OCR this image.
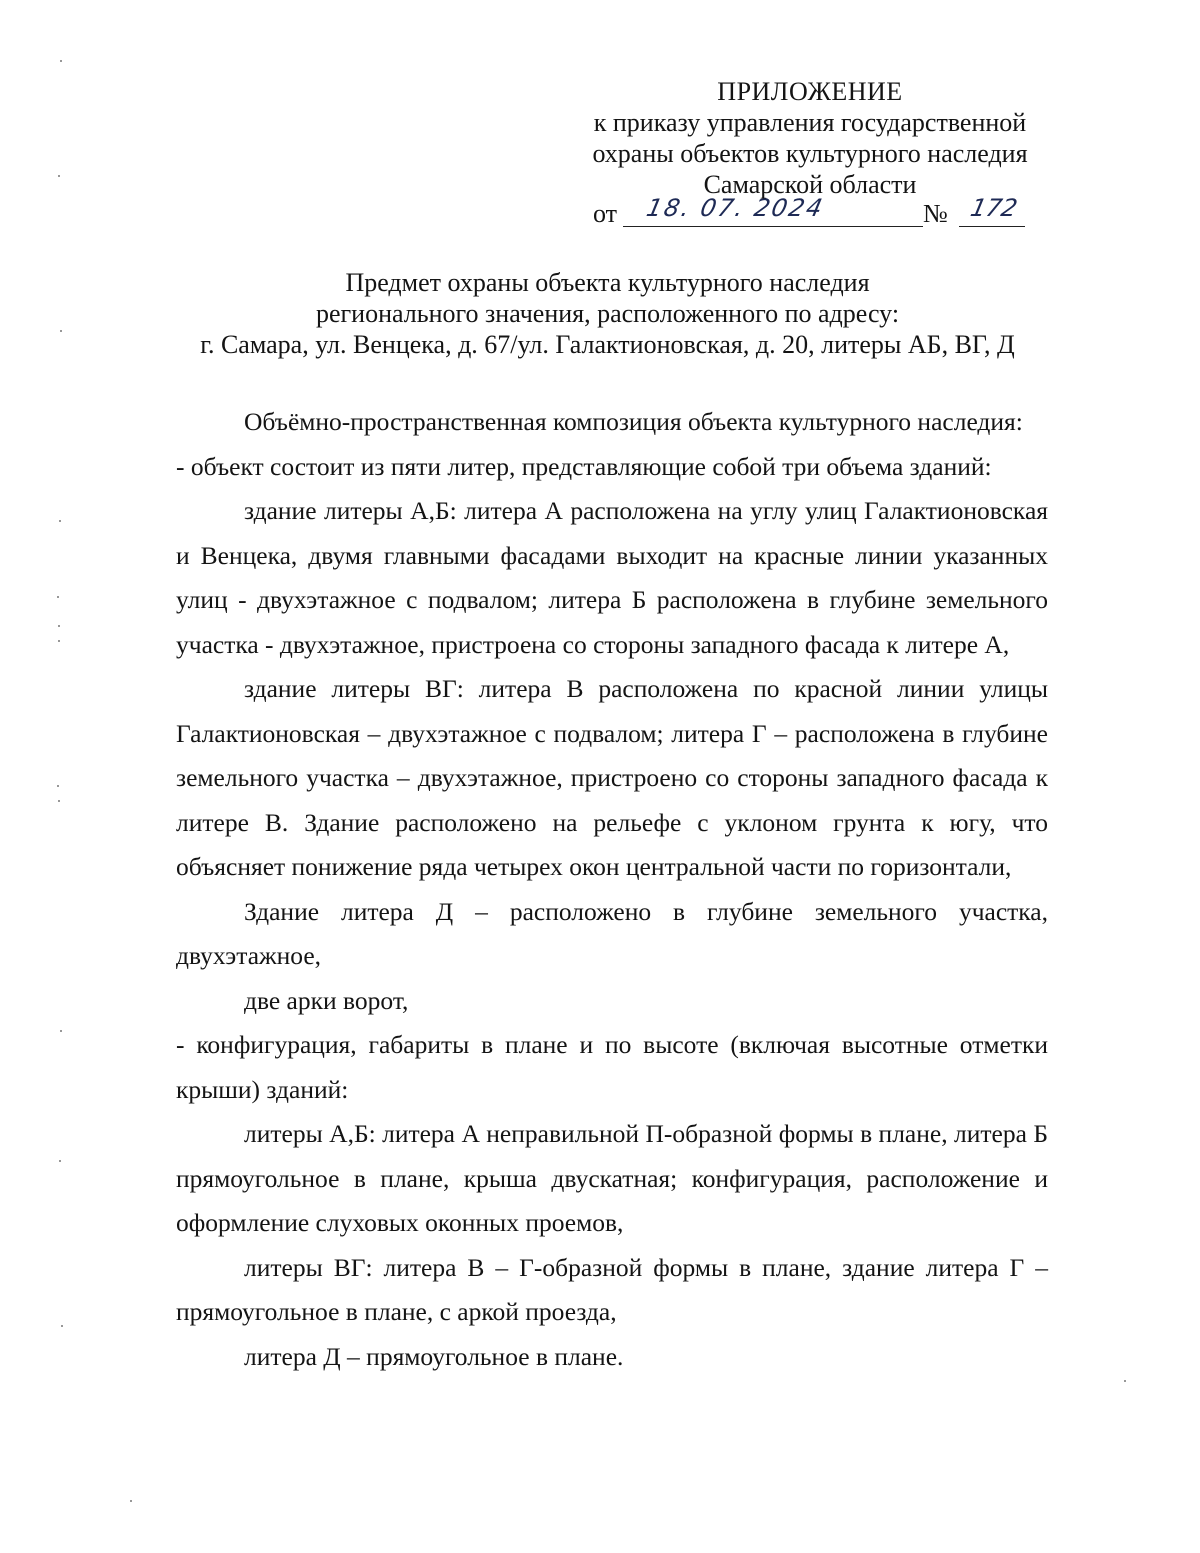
ПРИЛОЖЕНИЕ
к приказу управления государственной
охраны объектов культурного наследия
Самарской области
от 18. 07. 2024	№ 172
Предмет охраны объекта культурного наследия
регионального значения, расположенного по адресу:
г. Самара, ул. Венцека, д. 67/ул. Галактионовская, д. 20, литеры АБ, ВГ, Д

Объёмно-пространственная композиция объекта культурного наследия:

- объект состоит из пяти литер, представляющие собой три объема зданий:

здание литеры А,Б: литера А расположена на углу улиц Галактионовская и Венцека, двумя главными фасадами выходит на красные линии указанных улиц - двухэтажное с подвалом; литера Б расположена в глубине земельного участка - двухэтажное, пристроена со стороны западного фасада к литере А,

здание литеры ВГ: литера В расположена по красной линии улицы Галактионовская – двухэтажное с подвалом; литера Г – расположена в глубине земельного участка – двухэтажное, пристроено со стороны западного фасада к литере В. Здание расположено на рельефе с уклоном грунта к югу, что объясняет понижение ряда четырех окон центральной части по горизонтали,

Здание литера Д – расположено в глубине земельного участка, двухэтажное,

две арки ворот,

- конфигурация, габариты в плане и по высоте (включая высотные отметки крыши) зданий:

литеры А,Б: литера А неправильной П-образной формы в плане, литера Б прямоугольное в плане, крыша двускатная; конфигурация, расположение и оформление слуховых оконных проемов,

литеры ВГ: литера В – Г-образной формы в плане, здание литера Г – прямоугольное в плане, с аркой проезда,

литера Д – прямоугольное в плане.
